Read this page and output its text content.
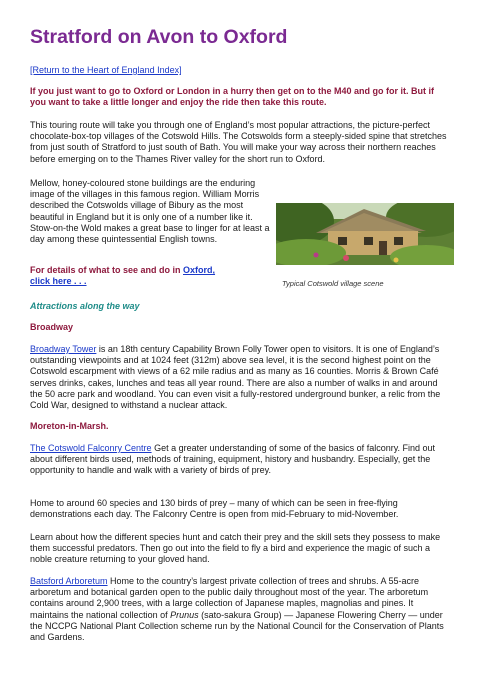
Stratford on Avon to Oxford

[Return to the Heart of England Index]

If you just want to go to Oxford or London in a hurry then get on to the M40 and go for it. But if you want to take a little longer and enjoy the ride then take this route.

This touring route will take you through one of England’s most popular attractions, the picture-perfect chocolate-box-top villages of the Cotswold Hills. The Cotswolds form a steeply-sided spine that stretches from just south of Stratford to just south of Bath. You will make your way across their northern reaches before emerging on to the Thames River valley for the short run to Oxford.

Mellow, honey-coloured stone buildings are the enduring image of the villages in this famous region. William Morris described the Cotswolds village of Bibury as the most beautiful in England but it is only one of a number like it. Stow-on-the Wold makes a great base to linger for at least a day among these quintessential English towns.

Typical Cotswold village scene

For details of what to see and do in Oxford,
click here . . .

Attractions along the way

Broadway

Broadway Tower is an 18th century Capability Brown Folly Tower open to visitors. It is one of England’s outstanding viewpoints and at 1024 feet (312m) above sea level, it is the second highest point on the Cotswold escarpment with views of a 62 mile radius and as many as 16 counties. Morris & Brown Café serves drinks, cakes, lunches and teas all year round. There are also a number of walks in and around the 50 acre park and woodland. You can even visit a fully-restored underground bunker, a relic from the Cold War, designed to withstand a nuclear attack.

Moreton-in-Marsh.

The Cotswold Falconry Centre Get a greater understanding of some of the basics of falconry. Find out about different birds used, methods of training, equipment, history and husbandry. Especially, get the opportunity to handle and walk with a variety of birds of prey.

Home to around 60 species and 130 birds of prey – many of which can be seen in free-flying demonstrations each day. The Falconry Centre is open from mid-February to mid-November.

Learn about how the different species hunt and catch their prey and the skill sets they possess to make them successful predators. Then go out into the field to fly a bird and experience the magic of such a noble creature returning to your gloved hand.

Batsford Arboretum Home to the country’s largest private collection of trees and shrubs. A 55-acre arboretum and botanical garden open to the public daily throughout most of the year. The arboretum contains around 2,900 trees, with a large collection of Japanese maples, magnolias and pines. It maintains the national collection of Prunus (sato-sakura Group) — Japanese Flowering Cherry — under the NCCPG National Plant Collection scheme run by the National Council for the Conservation of Plants and Gardens.
